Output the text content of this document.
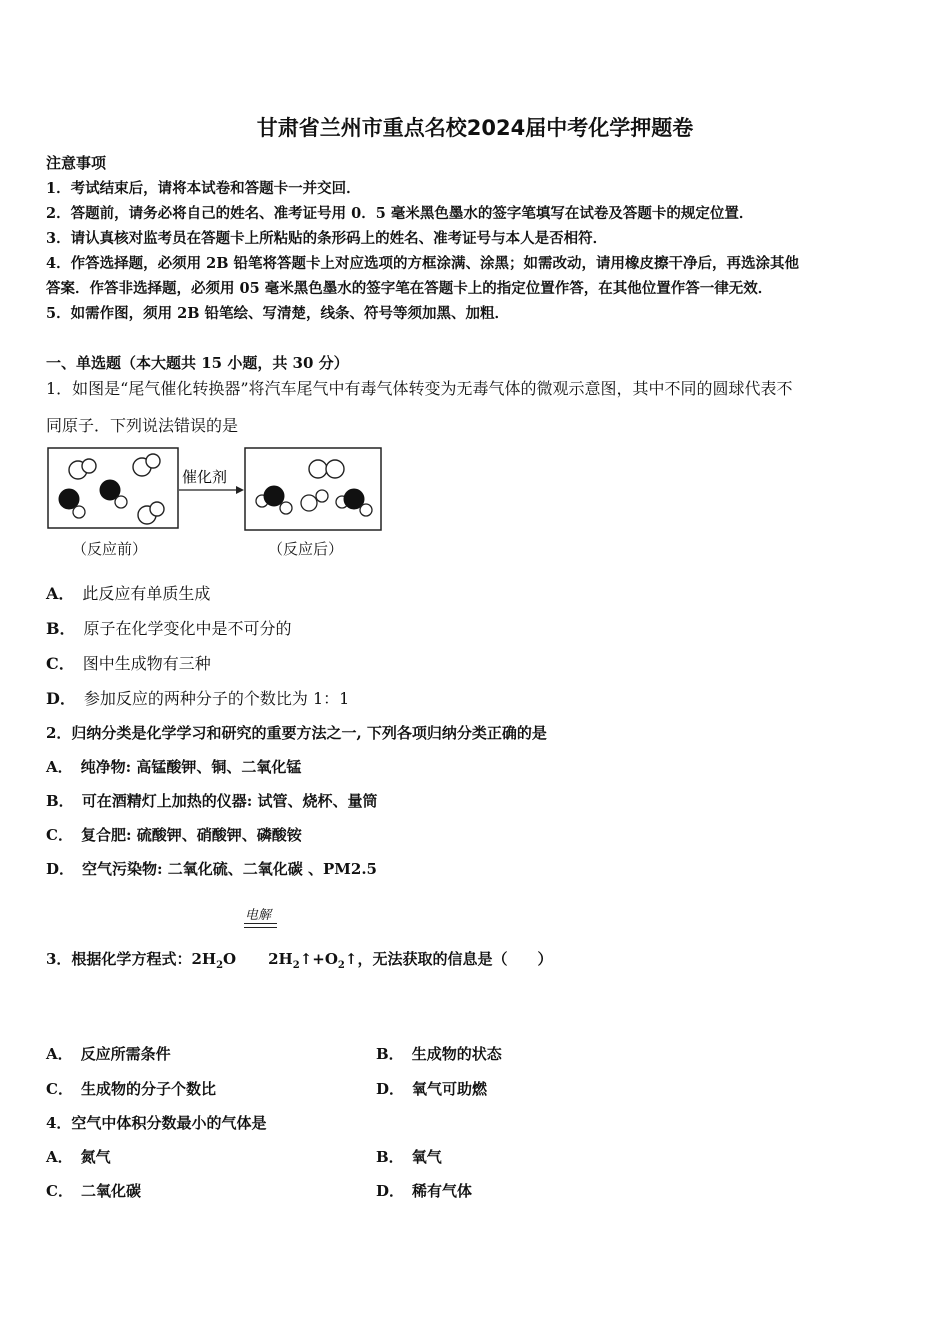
甘肃省兰州市重点名校2024届中考化学押题卷
注意事项
1．考试结束后，请将本试卷和答题卡一并交回．
2．答题前，请务必将自己的姓名、准考证号用 0．5 毫米黑色墨水的签字笔填写在试卷及答题卡的规定位置．
3．请认真核对监考员在答题卡上所粘贴的条形码上的姓名、准考证号与本人是否相符．
4．作答选择题，必须用 2B 铅笔将答题卡上对应选项的方框涂满、涂黑；如需改动，请用橡皮擦干净后，再选涂其他
答案．作答非选择题，必须用 05 毫米黑色墨水的签字笔在答题卡上的指定位置作答，在其他位置作答一律无效．
5．如需作图，须用 2B 铅笔绘、写清楚，线条、符号等须加黑、加粗．
一、单选题（本大题共 15 小题，共 30 分）
1．如图是“尾气催化转换器”将汽车尾气中有毒气体转变为无毒气体的微观示意图，其中不同的圆球代表不
同原子．下列说法错误的是
催化剂
（反应前）	（反应后）
A． 此反应有单质生成
B． 原子在化学变化中是不可分的
C． 图中生成物有三种
D． 参加反应的两种分子的个数比为 1：1
2．归纳分类是化学学习和研究的重要方法之一, 下列各项归纳分类正确的是
A． 纯净物: 高锰酸钾、铜、二氧化锰
B． 可在酒精灯上加热的仪器: 试管、烧杯、量筒
C． 复合肥: 硫酸钾、硝酸钾、磷酸铵
D． 空气污染物: 二氧化硫、二氧化碳 、PM2.5
电解
3．根据化学方程式：$2H_2O$ $2H_2↑+O_2↑$，无法获取的信息是（　　）
A． 反应所需条件	B． 生成物的状态
C． 生成物的分子个数比	D． 氧气可助燃
4．空气中体积分数最小的气体是
A． 氮气	B． 氧气
C． 二氧化碳	D． 稀有气体
